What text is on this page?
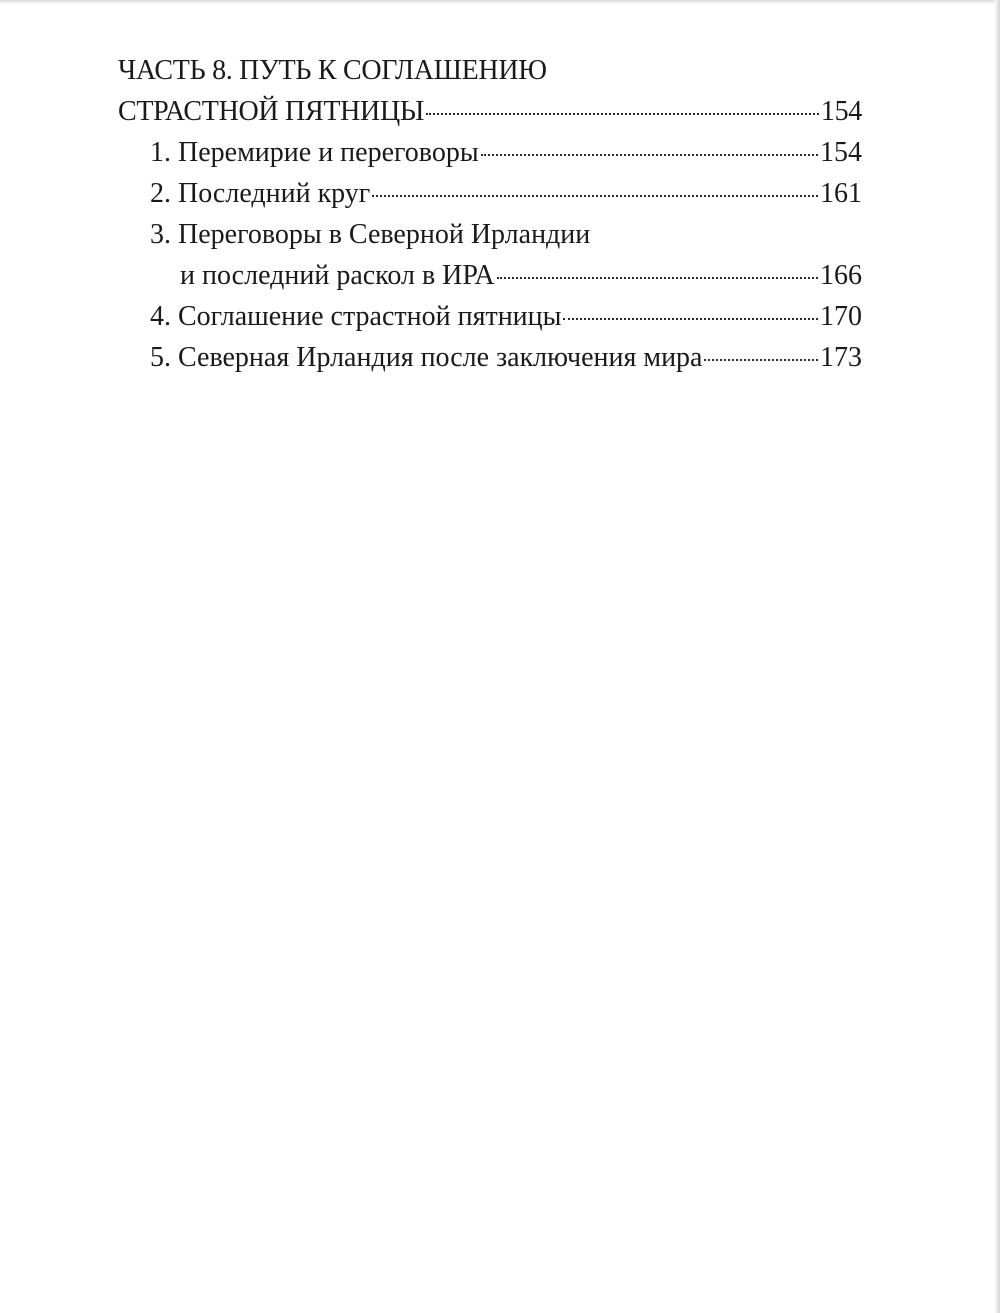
ЧАСТЬ 8. ПУТЬ К СОГЛАШЕНИЮ
СТРАСТНОЙ ПЯТНИЦЫ	154
1. Перемирие и переговоры	154
2. Последний круг	161
3. Переговоры в Северной Ирландии
и последний раскол в ИРА	166
4. Соглашение страстной пятницы	170
5. Северная Ирландия после заключения мира	173
